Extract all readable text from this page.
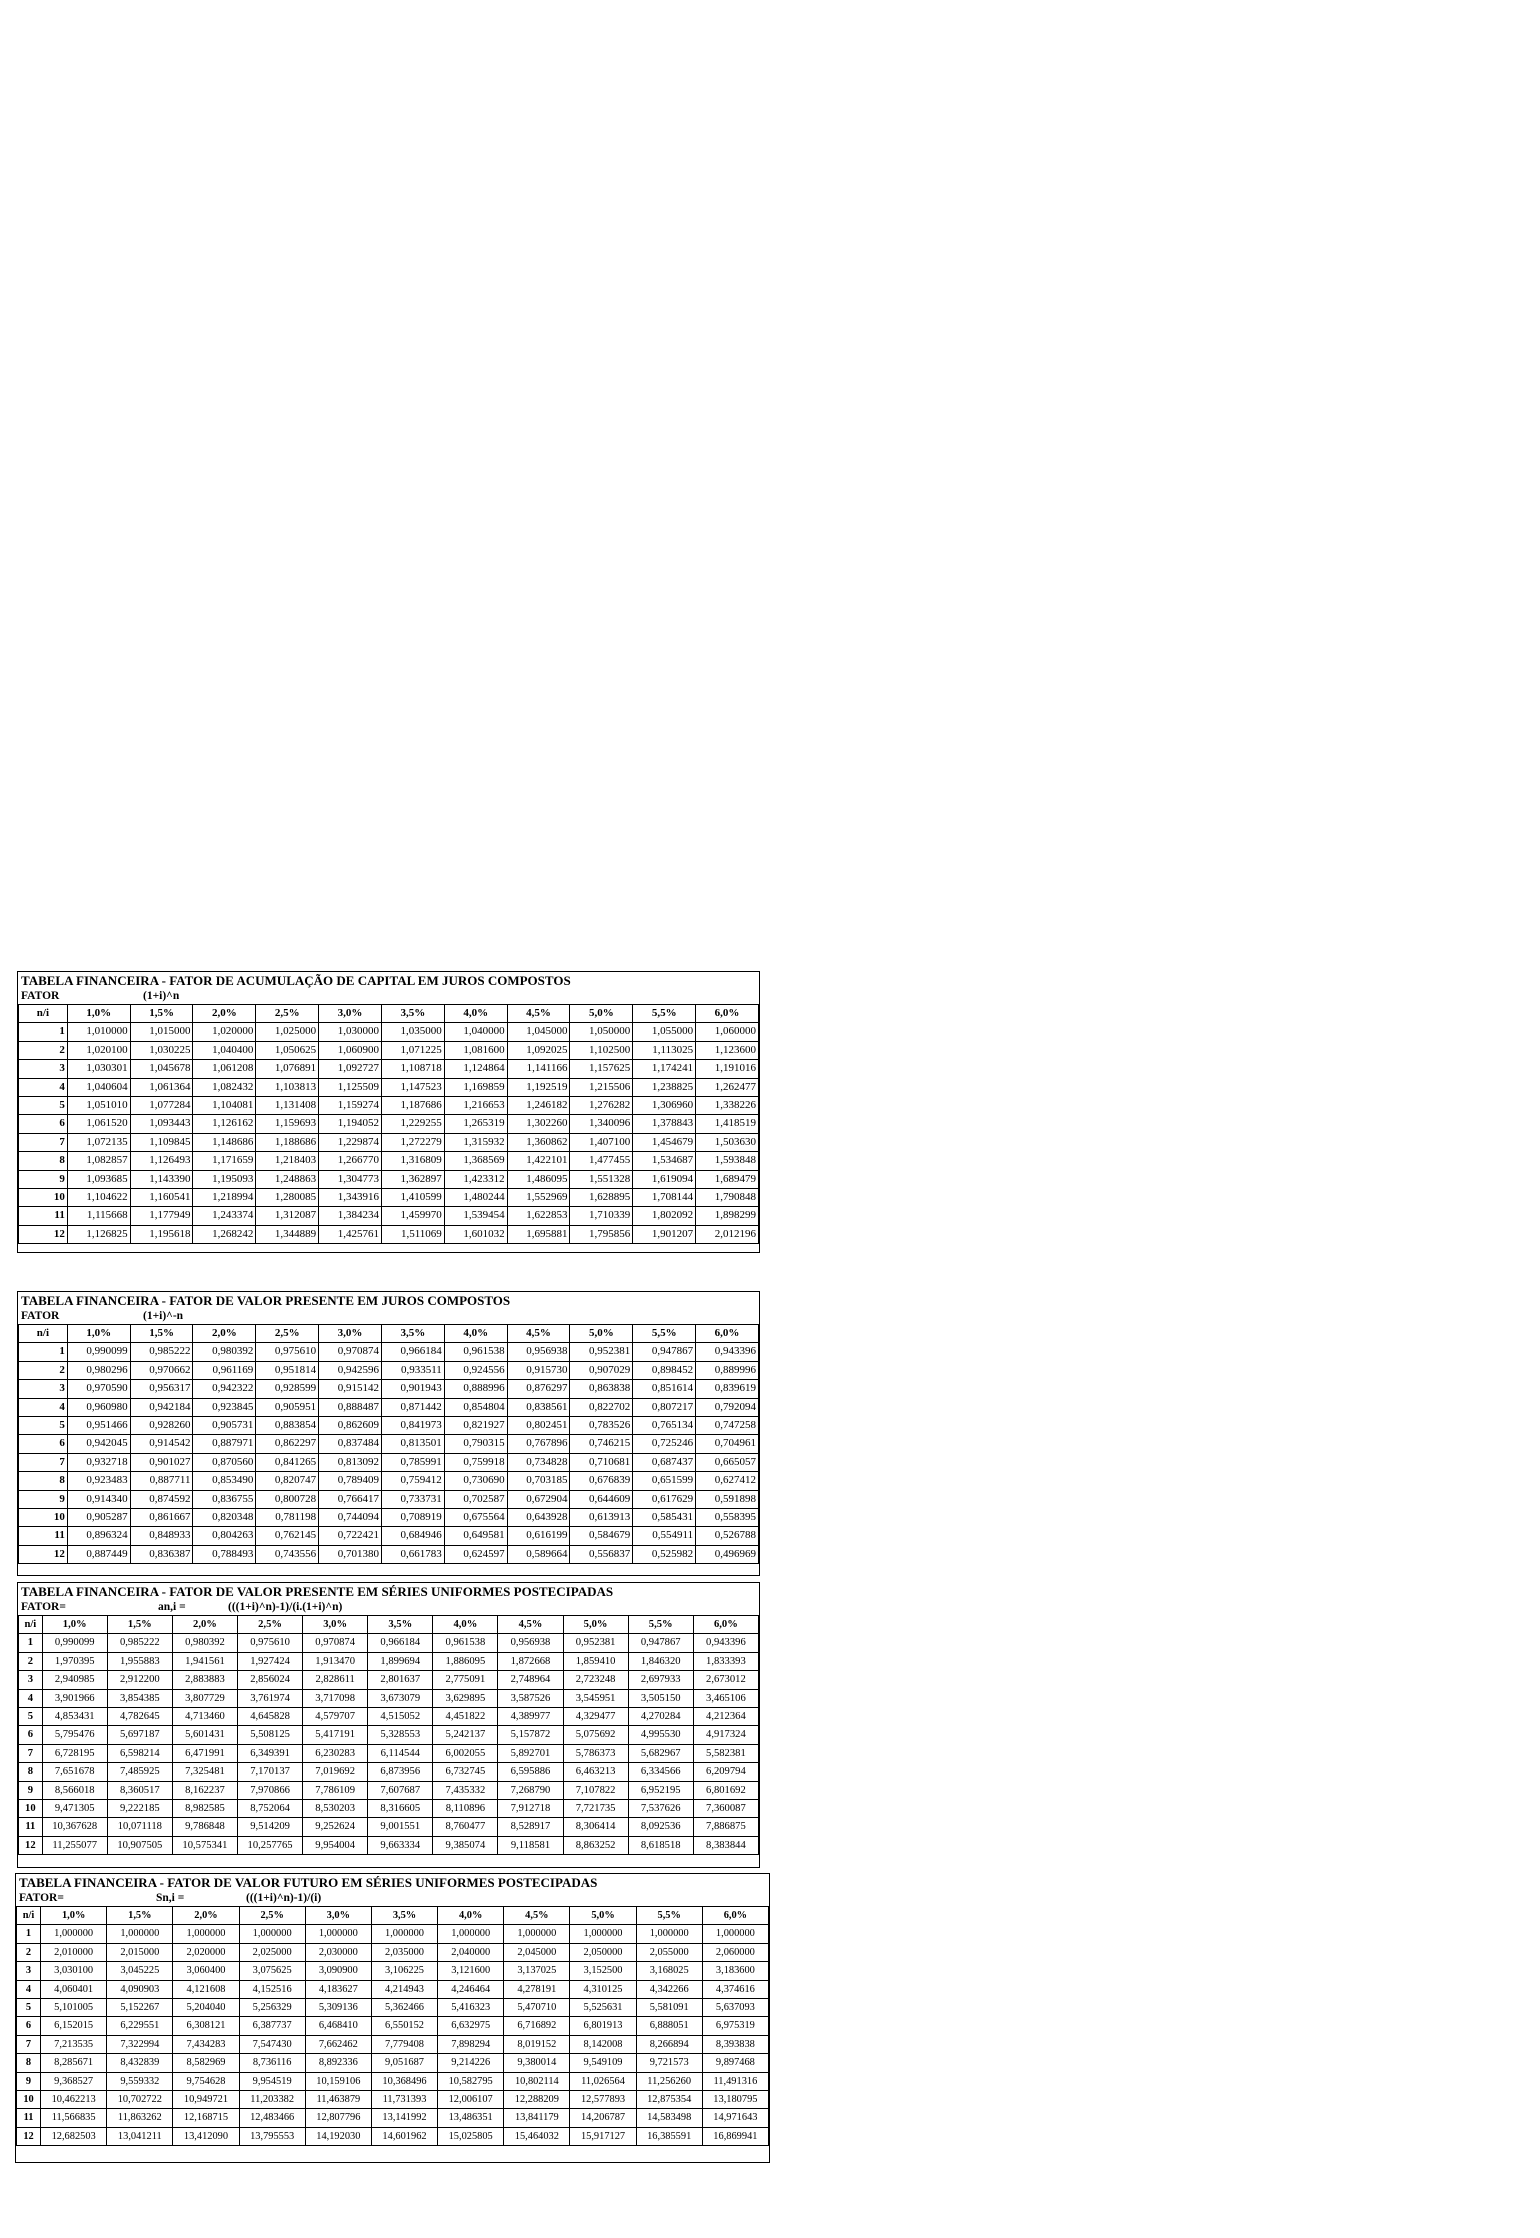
TABELA FINANCEIRA - FATOR DE ACUMULAÇÃO DE CAPITAL EM JUROS COMPOSTOS
FATOR	(1+i)^n
n/i	1,0%	1,5%	2,0%	2,5%	3,0%	3,5%	4,0%	4,5%	5,0%	5,5%	6,0%
1	1,010000	1,015000	1,020000	1,025000	1,030000	1,035000	1,040000	1,045000	1,050000	1,055000	1,060000
2	1,020100	1,030225	1,040400	1,050625	1,060900	1,071225	1,081600	1,092025	1,102500	1,113025	1,123600
3	1,030301	1,045678	1,061208	1,076891	1,092727	1,108718	1,124864	1,141166	1,157625	1,174241	1,191016
4	1,040604	1,061364	1,082432	1,103813	1,125509	1,147523	1,169859	1,192519	1,215506	1,238825	1,262477
5	1,051010	1,077284	1,104081	1,131408	1,159274	1,187686	1,216653	1,246182	1,276282	1,306960	1,338226
6	1,061520	1,093443	1,126162	1,159693	1,194052	1,229255	1,265319	1,302260	1,340096	1,378843	1,418519
7	1,072135	1,109845	1,148686	1,188686	1,229874	1,272279	1,315932	1,360862	1,407100	1,454679	1,503630
8	1,082857	1,126493	1,171659	1,218403	1,266770	1,316809	1,368569	1,422101	1,477455	1,534687	1,593848
9	1,093685	1,143390	1,195093	1,248863	1,304773	1,362897	1,423312	1,486095	1,551328	1,619094	1,689479
10	1,104622	1,160541	1,218994	1,280085	1,343916	1,410599	1,480244	1,552969	1,628895	1,708144	1,790848
11	1,115668	1,177949	1,243374	1,312087	1,384234	1,459970	1,539454	1,622853	1,710339	1,802092	1,898299
12	1,126825	1,195618	1,268242	1,344889	1,425761	1,511069	1,601032	1,695881	1,795856	1,901207	2,012196
TABELA FINANCEIRA - FATOR DE VALOR PRESENTE EM JUROS COMPOSTOS
FATOR	(1+i)^-n
n/i	1,0%	1,5%	2,0%	2,5%	3,0%	3,5%	4,0%	4,5%	5,0%	5,5%	6,0%
1	0,990099	0,985222	0,980392	0,975610	0,970874	0,966184	0,961538	0,956938	0,952381	0,947867	0,943396
2	0,980296	0,970662	0,961169	0,951814	0,942596	0,933511	0,924556	0,915730	0,907029	0,898452	0,889996
3	0,970590	0,956317	0,942322	0,928599	0,915142	0,901943	0,888996	0,876297	0,863838	0,851614	0,839619
4	0,960980	0,942184	0,923845	0,905951	0,888487	0,871442	0,854804	0,838561	0,822702	0,807217	0,792094
5	0,951466	0,928260	0,905731	0,883854	0,862609	0,841973	0,821927	0,802451	0,783526	0,765134	0,747258
6	0,942045	0,914542	0,887971	0,862297	0,837484	0,813501	0,790315	0,767896	0,746215	0,725246	0,704961
7	0,932718	0,901027	0,870560	0,841265	0,813092	0,785991	0,759918	0,734828	0,710681	0,687437	0,665057
8	0,923483	0,887711	0,853490	0,820747	0,789409	0,759412	0,730690	0,703185	0,676839	0,651599	0,627412
9	0,914340	0,874592	0,836755	0,800728	0,766417	0,733731	0,702587	0,672904	0,644609	0,617629	0,591898
10	0,905287	0,861667	0,820348	0,781198	0,744094	0,708919	0,675564	0,643928	0,613913	0,585431	0,558395
11	0,896324	0,848933	0,804263	0,762145	0,722421	0,684946	0,649581	0,616199	0,584679	0,554911	0,526788
12	0,887449	0,836387	0,788493	0,743556	0,701380	0,661783	0,624597	0,589664	0,556837	0,525982	0,496969
TABELA FINANCEIRA - FATOR DE VALOR PRESENTE EM SÉRIES UNIFORMES POSTECIPADAS
FATOR=	an,i =	(((1+i)^n)-1)/(i.(1+i)^n)
n/i	1,0%	1,5%	2,0%	2,5%	3,0%	3,5%	4,0%	4,5%	5,0%	5,5%	6,0%
1	0,990099	0,985222	0,980392	0,975610	0,970874	0,966184	0,961538	0,956938	0,952381	0,947867	0,943396
2	1,970395	1,955883	1,941561	1,927424	1,913470	1,899694	1,886095	1,872668	1,859410	1,846320	1,833393
3	2,940985	2,912200	2,883883	2,856024	2,828611	2,801637	2,775091	2,748964	2,723248	2,697933	2,673012
4	3,901966	3,854385	3,807729	3,761974	3,717098	3,673079	3,629895	3,587526	3,545951	3,505150	3,465106
5	4,853431	4,782645	4,713460	4,645828	4,579707	4,515052	4,451822	4,389977	4,329477	4,270284	4,212364
6	5,795476	5,697187	5,601431	5,508125	5,417191	5,328553	5,242137	5,157872	5,075692	4,995530	4,917324
7	6,728195	6,598214	6,471991	6,349391	6,230283	6,114544	6,002055	5,892701	5,786373	5,682967	5,582381
8	7,651678	7,485925	7,325481	7,170137	7,019692	6,873956	6,732745	6,595886	6,463213	6,334566	6,209794
9	8,566018	8,360517	8,162237	7,970866	7,786109	7,607687	7,435332	7,268790	7,107822	6,952195	6,801692
10	9,471305	9,222185	8,982585	8,752064	8,530203	8,316605	8,110896	7,912718	7,721735	7,537626	7,360087
11	10,367628	10,071118	9,786848	9,514209	9,252624	9,001551	8,760477	8,528917	8,306414	8,092536	7,886875
12	11,255077	10,907505	10,575341	10,257765	9,954004	9,663334	9,385074	9,118581	8,863252	8,618518	8,383844
TABELA FINANCEIRA - FATOR DE VALOR FUTURO EM SÉRIES UNIFORMES POSTECIPADAS
FATOR=	Sn,i =	(((1+i)^n)-1)/(i)
n/i	1,0%	1,5%	2,0%	2,5%	3,0%	3,5%	4,0%	4,5%	5,0%	5,5%	6,0%
1	1,000000	1,000000	1,000000	1,000000	1,000000	1,000000	1,000000	1,000000	1,000000	1,000000	1,000000
2	2,010000	2,015000	2,020000	2,025000	2,030000	2,035000	2,040000	2,045000	2,050000	2,055000	2,060000
3	3,030100	3,045225	3,060400	3,075625	3,090900	3,106225	3,121600	3,137025	3,152500	3,168025	3,183600
4	4,060401	4,090903	4,121608	4,152516	4,183627	4,214943	4,246464	4,278191	4,310125	4,342266	4,374616
5	5,101005	5,152267	5,204040	5,256329	5,309136	5,362466	5,416323	5,470710	5,525631	5,581091	5,637093
6	6,152015	6,229551	6,308121	6,387737	6,468410	6,550152	6,632975	6,716892	6,801913	6,888051	6,975319
7	7,213535	7,322994	7,434283	7,547430	7,662462	7,779408	7,898294	8,019152	8,142008	8,266894	8,393838
8	8,285671	8,432839	8,582969	8,736116	8,892336	9,051687	9,214226	9,380014	9,549109	9,721573	9,897468
9	9,368527	9,559332	9,754628	9,954519	10,159106	10,368496	10,582795	10,802114	11,026564	11,256260	11,491316
10	10,462213	10,702722	10,949721	11,203382	11,463879	11,731393	12,006107	12,288209	12,577893	12,875354	13,180795
11	11,566835	11,863262	12,168715	12,483466	12,807796	13,141992	13,486351	13,841179	14,206787	14,583498	14,971643
12	12,682503	13,041211	13,412090	13,795553	14,192030	14,601962	15,025805	15,464032	15,917127	16,385591	16,869941
